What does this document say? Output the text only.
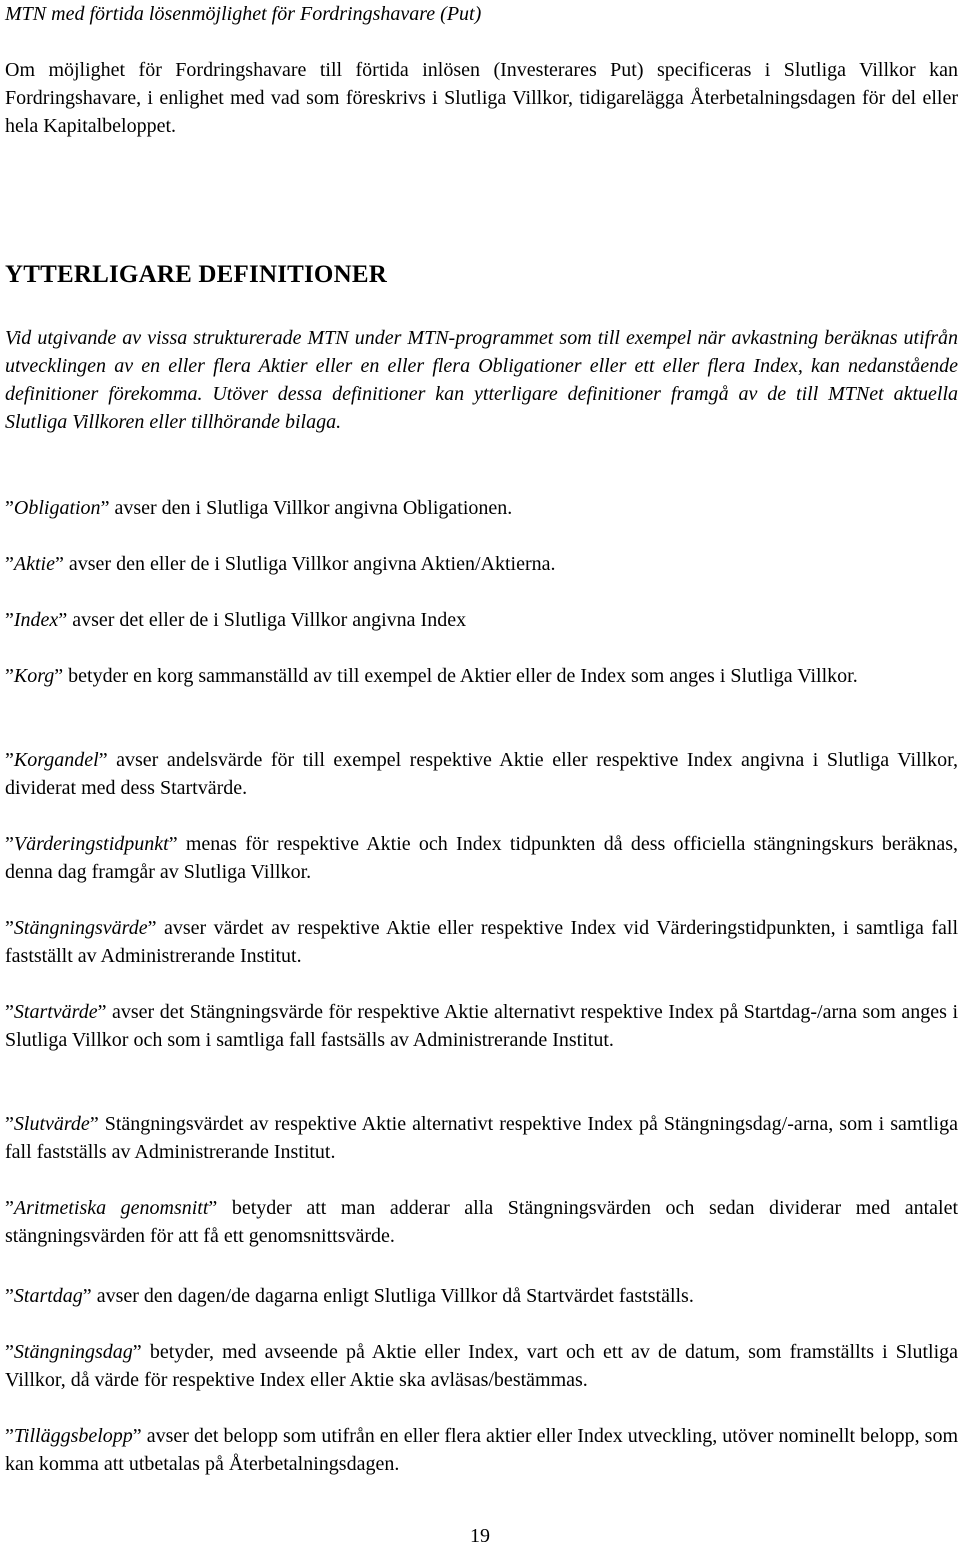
MTN med förtida lösenmöjlighet för Fordringshavare (Put)

Om möjlighet för Fordringshavare till förtida inlösen (Investerares Put) specificeras i Slutliga Villkor kan Fordringshavare, i enlighet med vad som föreskrivs i Slutliga Villkor, tidigarelägga Återbetalningsdagen för del eller hela Kapitalbeloppet.

YTTERLIGARE DEFINITIONER

Vid utgivande av vissa strukturerade MTN under MTN-programmet som till exempel när avkastning beräknas utifrån utvecklingen av en eller flera Aktier eller en eller flera Obligationer eller ett eller flera Index, kan nedanstående definitioner förekomma. Utöver dessa definitioner kan ytterligare definitioner framgå av de till MTNet aktuella Slutliga Villkoren eller tillhörande bilaga.

” Obligation ” avser den i Slutliga Villkor angivna Obligationen.

” Aktie ” avser den eller de i Slutliga Villkor angivna Aktien/Aktierna.

” Index ” avser det eller de i Slutliga Villkor angivna Index

” Korg ” betyder en korg sammanställd av till exempel de Aktier eller de Index som anges i Slutliga Villkor.

” Korgandel ” avser andelsvärde för till exempel respektive Aktie eller respektive Index angivna i Slutliga Villkor, dividerat med dess Startvärde.

” Värderingstidpunkt ” menas för respektive Aktie och Index tidpunkten då dess officiella stängningskurs beräknas, denna dag framgår av Slutliga Villkor.

” Stängningsvärde ” avser värdet av respektive Aktie eller respektive Index vid Värderingstidpunkten, i samtliga fall fastställt av Administrerande Institut.

” Startvärde ” avser det Stängningsvärde för respektive Aktie alternativt respektive Index på Startdag-/arna som anges i Slutliga Villkor och som i samtliga fall fastsälls av Administrerande Institut.

” Slutvärde ” Stängningsvärdet av respektive Aktie alternativt respektive Index på Stängningsdag/-arna, som i samtliga fall fastställs av Administrerande Institut.

” Aritmetiska genomsnitt ” betyder att man adderar alla Stängningsvärden och sedan dividerar med antalet stängningsvärden för att få ett genomsnittsvärde.

” Startdag ” avser den dagen/de dagarna enligt Slutliga Villkor då Startvärdet fastställs.

” Stängningsdag ” betyder, med avseende på Aktie eller Index, vart och ett av de datum, som framställts i Slutliga Villkor, då värde för respektive Index eller Aktie ska avläsas/bestämmas.

” Tilläggsbelopp ” avser det belopp som utifrån en eller flera aktier eller Index utveckling, utöver nominellt belopp, som kan komma att utbetalas på Återbetalningsdagen.

19
